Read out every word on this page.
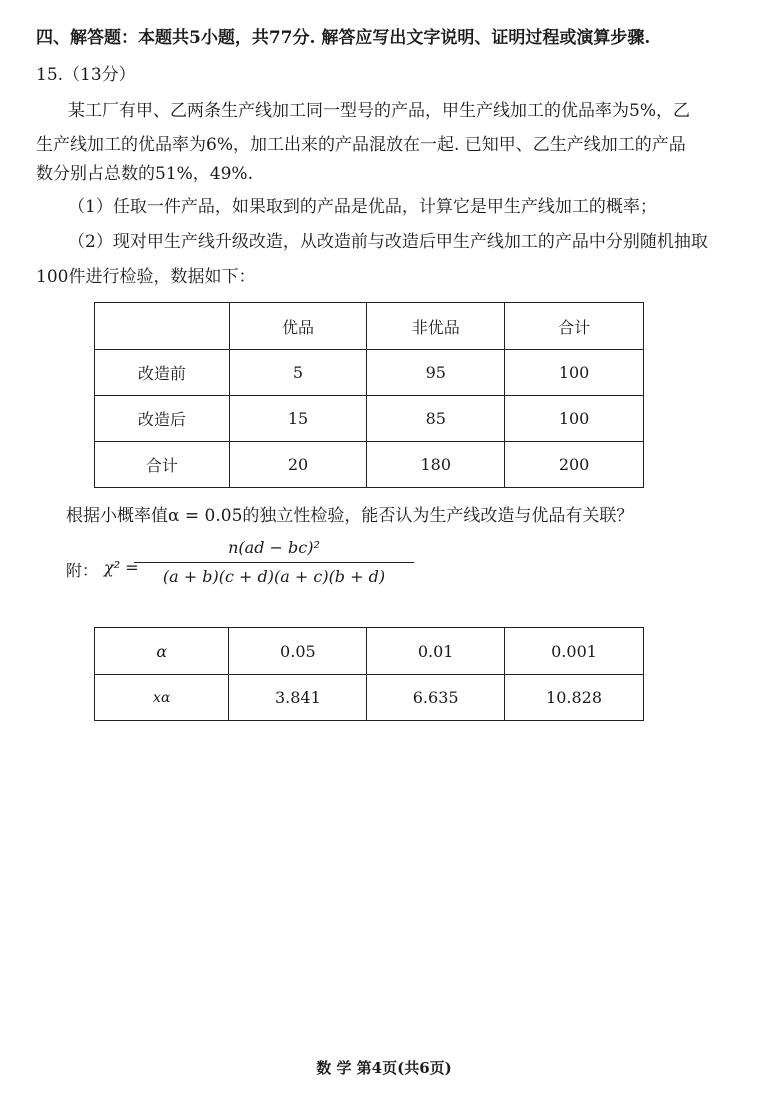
四、解答题：本题共5小题，共77分. 解答应写出文字说明、证明过程或演算步骤.
15.（13分）
某工厂有甲、乙两条生产线加工同一型号的产品，甲生产线加工的优品率为5%，乙
生产线加工的优品率为6%，加工出来的产品混放在一起. 已知甲、乙生产线加工的产品
数分别占总数的51%，49%.
（1）任取一件产品，如果取到的产品是优品，计算它是甲生产线加工的概率；
（2）现对甲生产线升级改造，从改造前与改造后甲生产线加工的产品中分别随机抽取
100件进行检验，数据如下：
	优品	非优品	合计
改造前	5	95	100
改造后	15	85	100
合计	20	180	200
根据小概率值α = 0.05的独立性检验，能否认为生产线改造与优品有关联？
附： χ² =
n(ad − bc)²
(a + b)(c + d)(a + c)(b + d)
α	0.05	0.01	0.001
xα	3.841	6.635	10.828
数 学 第4页(共6页)
